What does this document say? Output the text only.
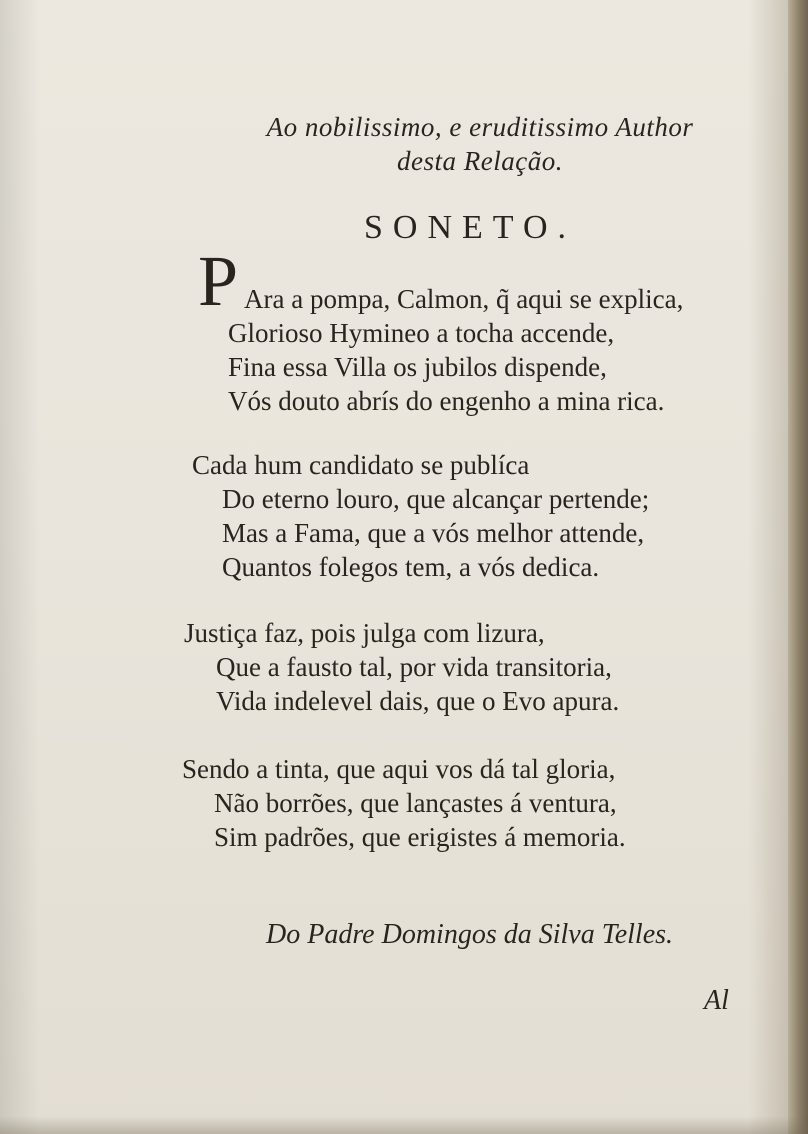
Ao nobilissimo, e eruditissimo Author
desta Relação.
SONETO.
P Ara a pompa, Calmon, q̃ aqui se explica,
Glorioso Hymineo a tocha accende,
Fina essa Villa os jubilos dispende,
Vós douto abrís do engenho a mina rica.
Cada hum candidato se publíca
Do eterno louro, que alcançar pertende;
Mas a Fama, que a vós melhor attende,
Quantos folegos tem, a vós dedica.
Justiça faz, pois julga com lizura,
Que a fausto tal, por vida transitoria,
Vida indelevel dais, que o Evo apura.
Sendo a tinta, que aqui vos dá tal gloria,
Não borrões, que lançastes á ventura,
Sim padrões, que erigistes á memoria.
Do Padre Domingos da Silva Telles.
Al
